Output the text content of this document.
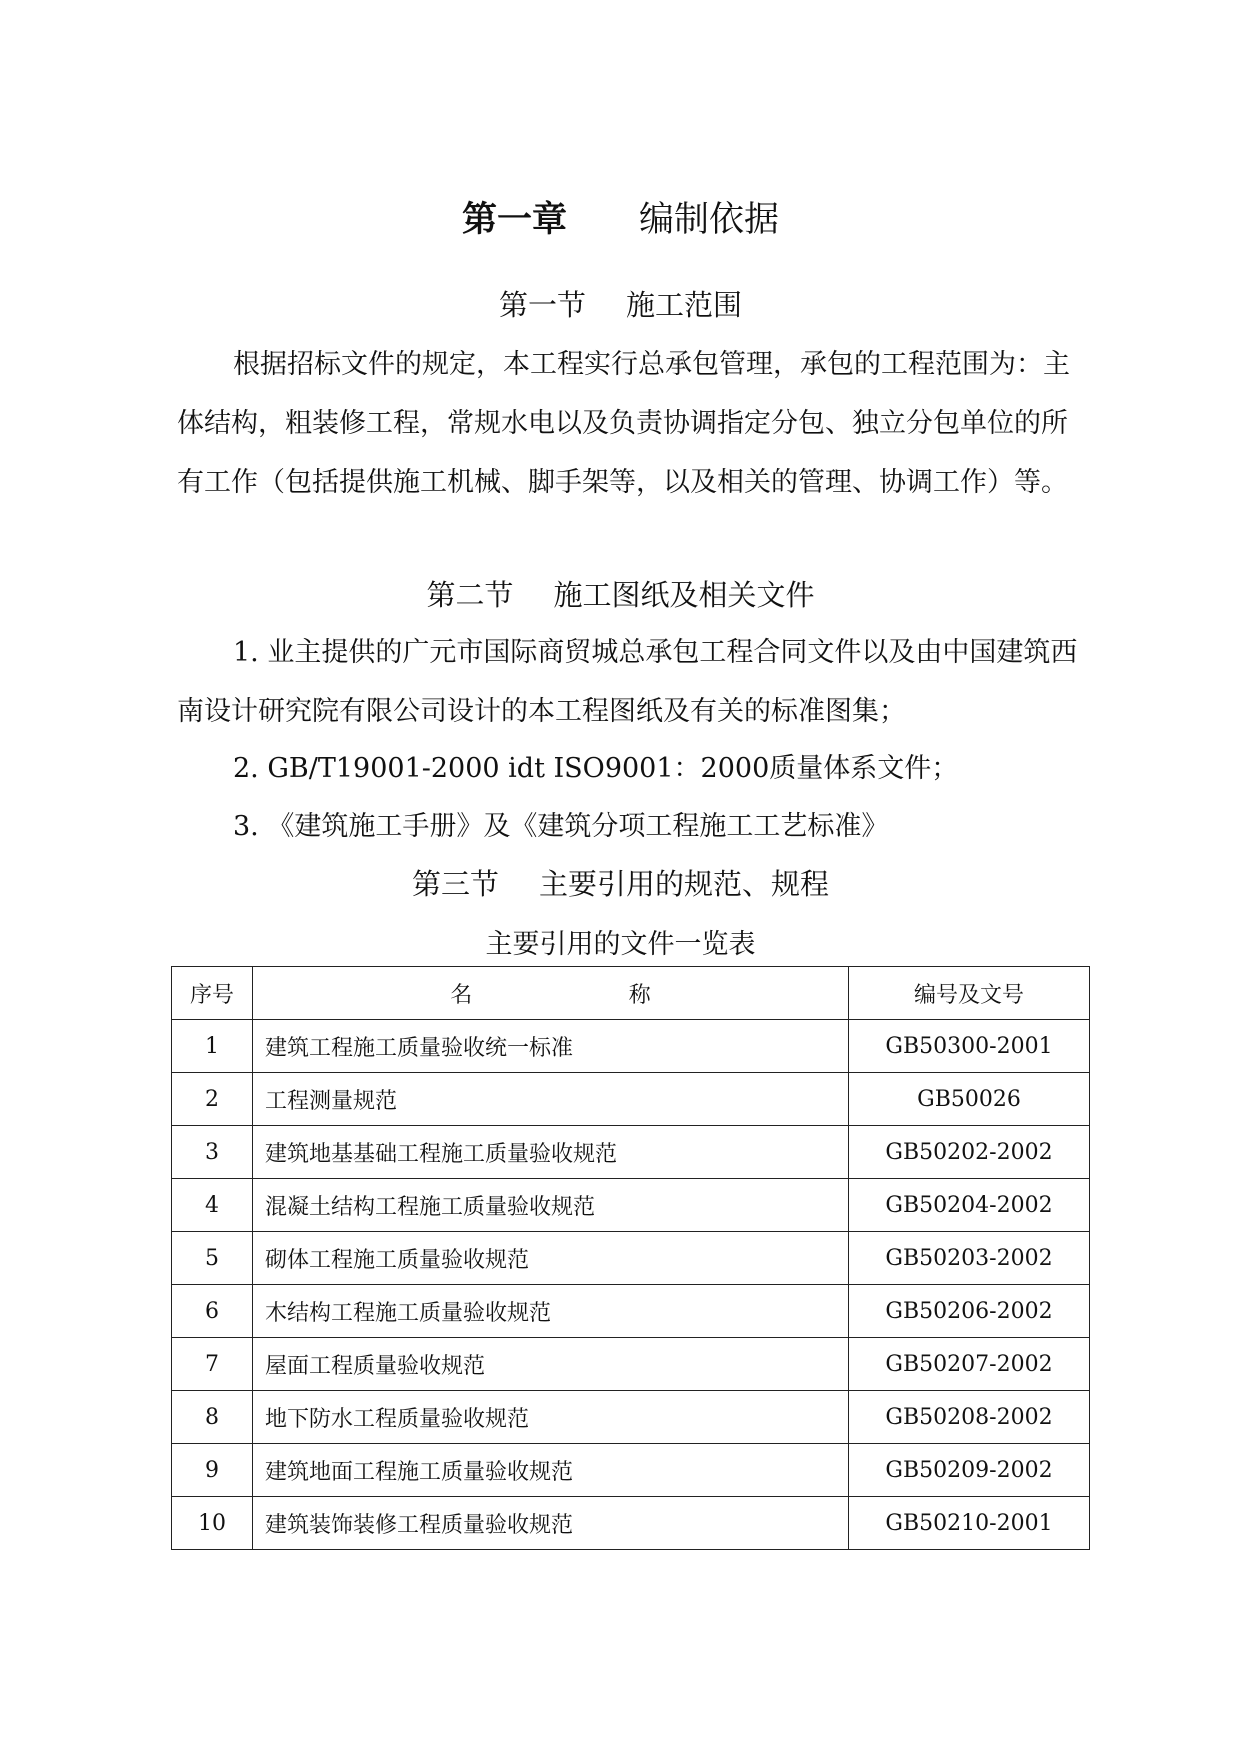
第一章 编制依据
第一节 施工范围

根据招标文件的规定，本工程实行总承包管理，承包的工程范围为：主体结构，粗装修工程，常规水电以及负责协调指定分包、独立分包单位的所有工作（包括提供施工机械、脚手架等，以及相关的管理、协调工作）等。

第二节 施工图纸及相关文件

1. 业主提供的广元市国际商贸城总承包工程合同文件以及由中国建筑西南设计研究院有限公司设计的本工程图纸及有关的标准图集；

2. GB/T19001-2000 idt ISO9001：2000质量体系文件；

3. 《建筑施工手册》及《建筑分项工程施工工艺标准》

第三节 主要引用的规范、规程
主要引用的文件一览表
序号	名 称	编号及文号
1	建筑工程施工质量验收统一标准	GB50300-2001
2	工程测量规范	GB50026
3	建筑地基基础工程施工质量验收规范	GB50202-2002
4	混凝土结构工程施工质量验收规范	GB50204-2002
5	砌体工程施工质量验收规范	GB50203-2002
6	木结构工程施工质量验收规范	GB50206-2002
7	屋面工程质量验收规范	GB50207-2002
8	地下防水工程质量验收规范	GB50208-2002
9	建筑地面工程施工质量验收规范	GB50209-2002
10	建筑装饰装修工程质量验收规范	GB50210-2001
